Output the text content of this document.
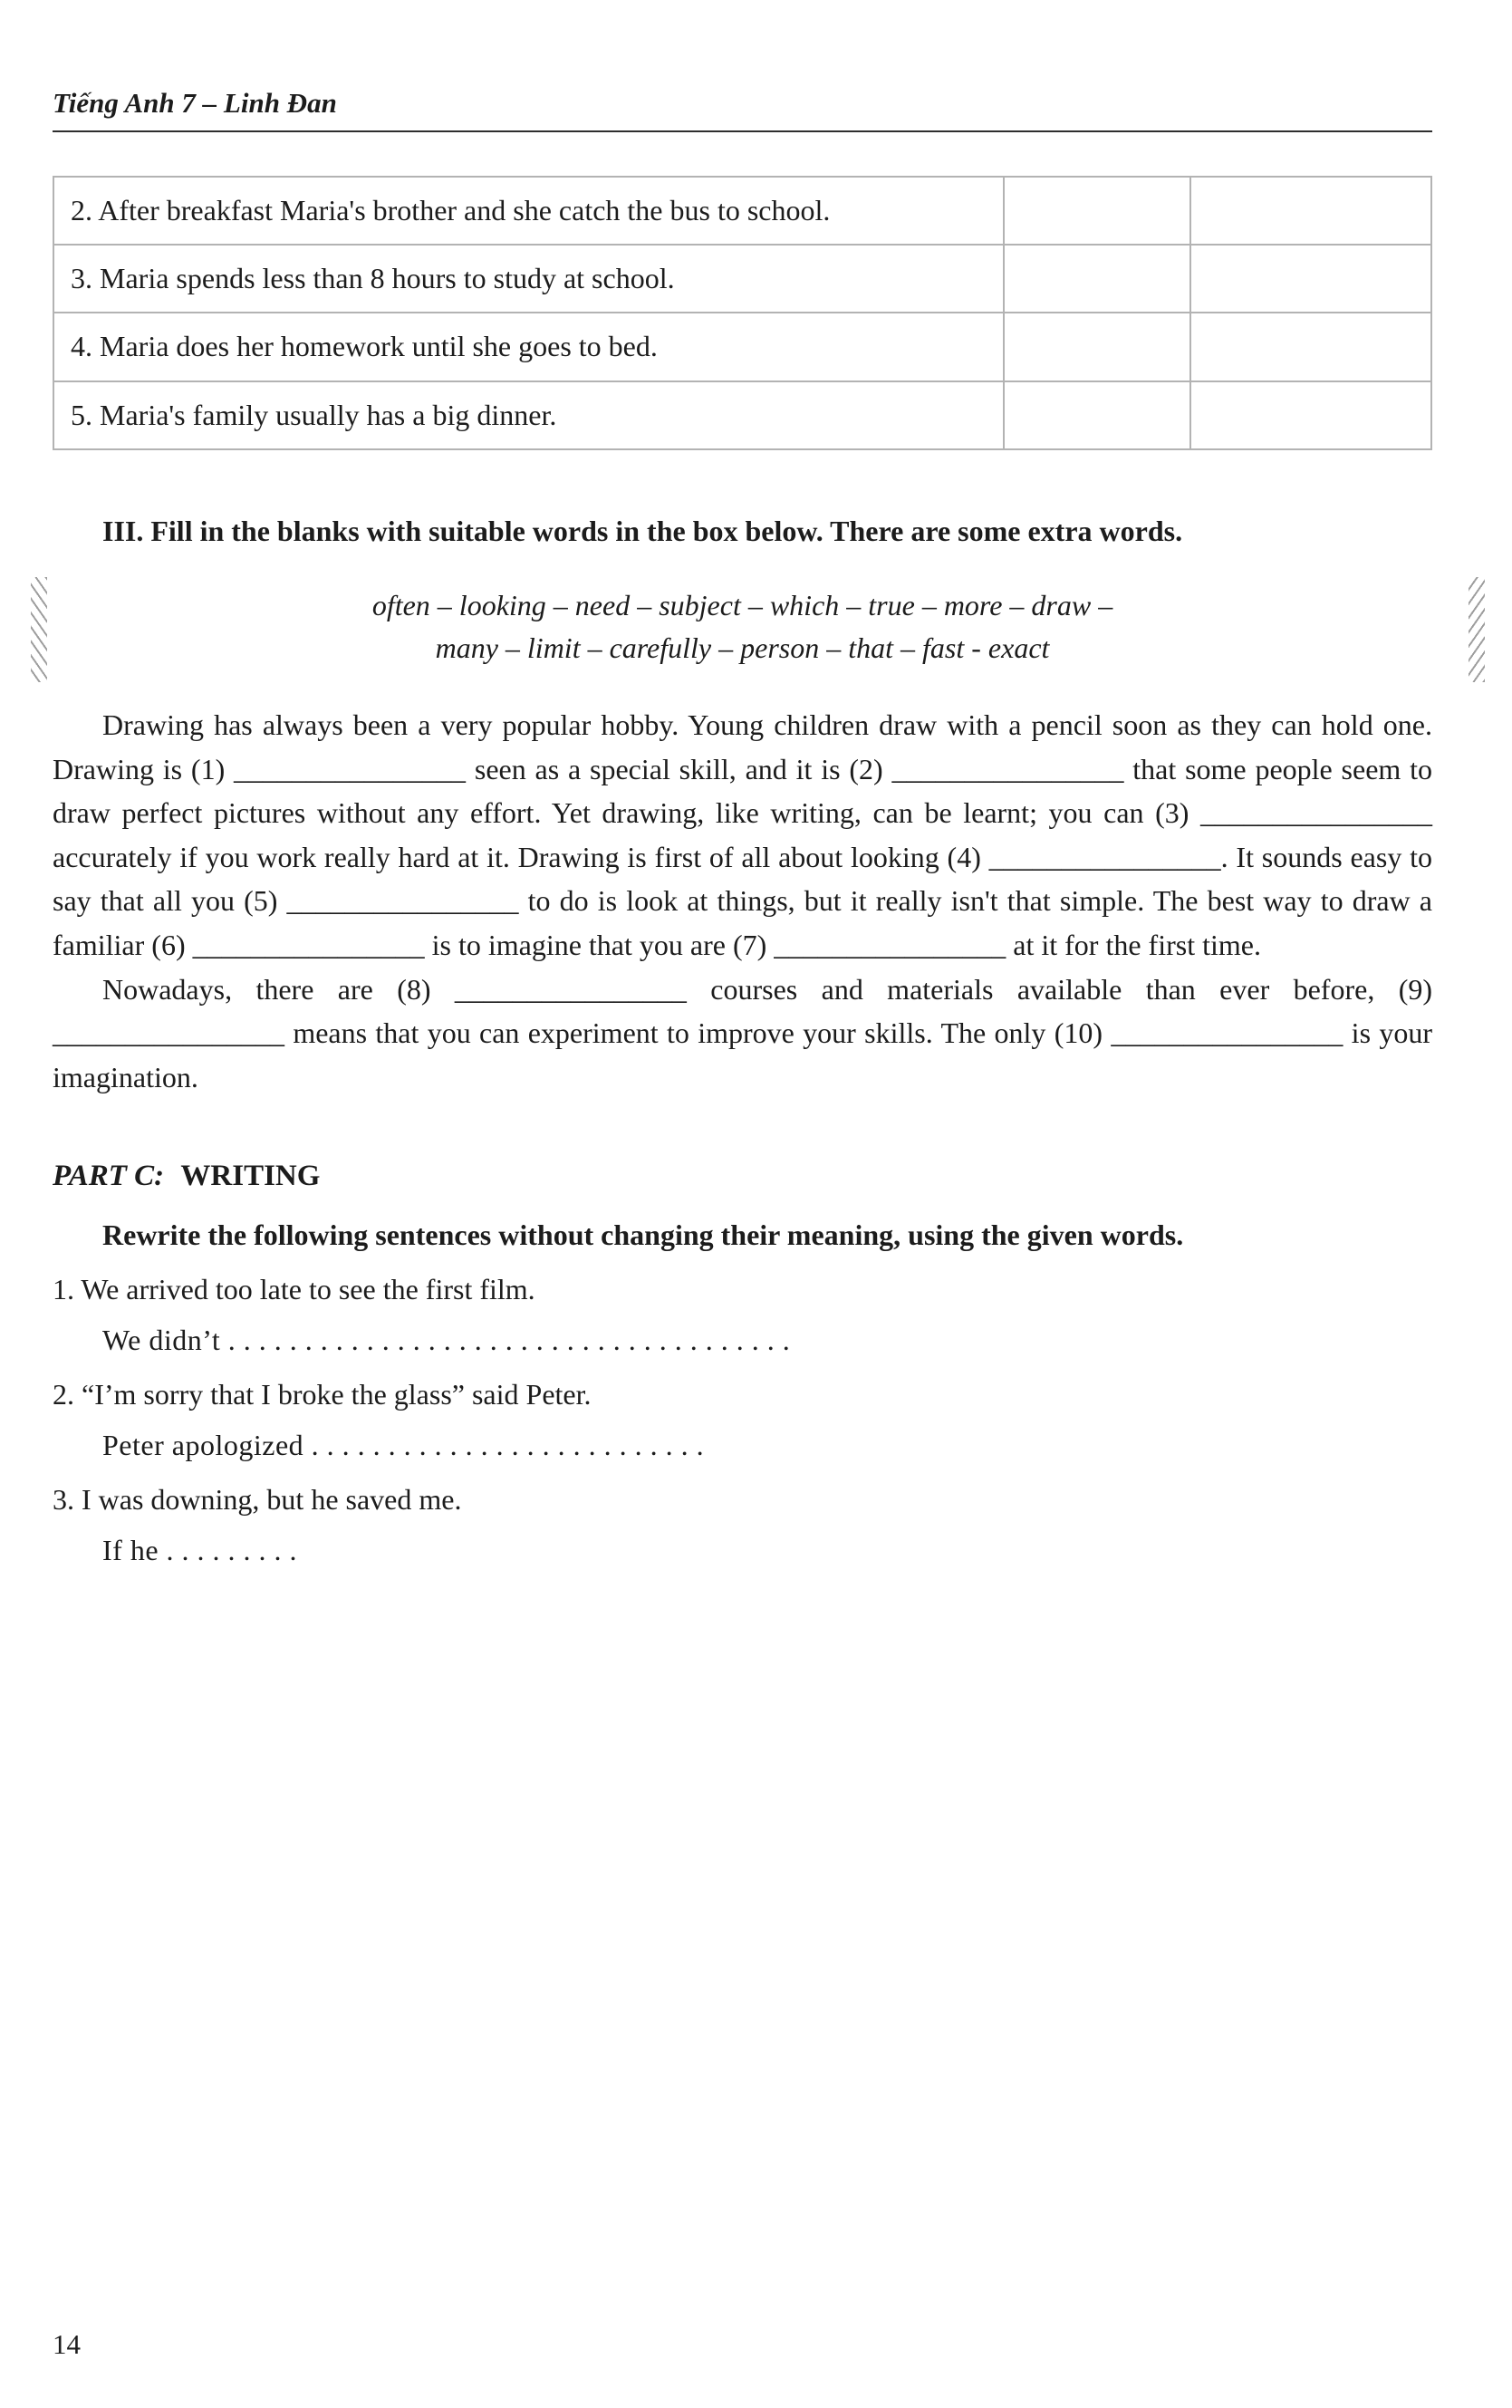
Tiếng Anh 7 – Linh Đan
2. After breakfast Maria's brother and she catch the bus to school.		

3. Maria spends less than 8 hours to study at school.		

4. Maria does her homework until she goes to bed.		

5. Maria's family usually has a big dinner.		

III. Fill in the blanks with suitable words in the box below. There are some extra words.
often – looking – need – subject – which – true – more – draw –
many – limit – carefully – person – that – fast - exact

Drawing has always been a very popular hobby. Young children draw with a pencil soon as they can hold one. Drawing is (1) ________________ seen as a special skill, and it is (2) ________________ that some people seem to draw perfect pictures without any effort. Yet drawing, like writing, can be learnt; you can (3) ________________ accurately if you work really hard at it. Drawing is first of all about looking (4) ________________. It sounds easy to say that all you (5) ________________ to do is look at things, but it really isn't that simple. The best way to draw a familiar (6) ________________ is to imagine that you are (7) ________________ at it for the first time.

Nowadays, there are (8) ________________ courses and materials available than ever before, (9) ________________ means that you can experiment to improve your skills. The only (10) ________________ is your imagination.

PART C: WRITING

Rewrite the following sentences without changing their meaning, using the given words.

1. We arrived too late to see the first film.

We didn’t . . . . . . . . . . . . . . . . . . . . . . . . . . . . . . . . . . . . .

2. “I’m sorry that I broke the glass” said Peter.

Peter apologized . . . . . . . . . . . . . . . . . . . . . . . . . .

3. I was downing, but he saved me.

If he . . . . . . . . .

14
